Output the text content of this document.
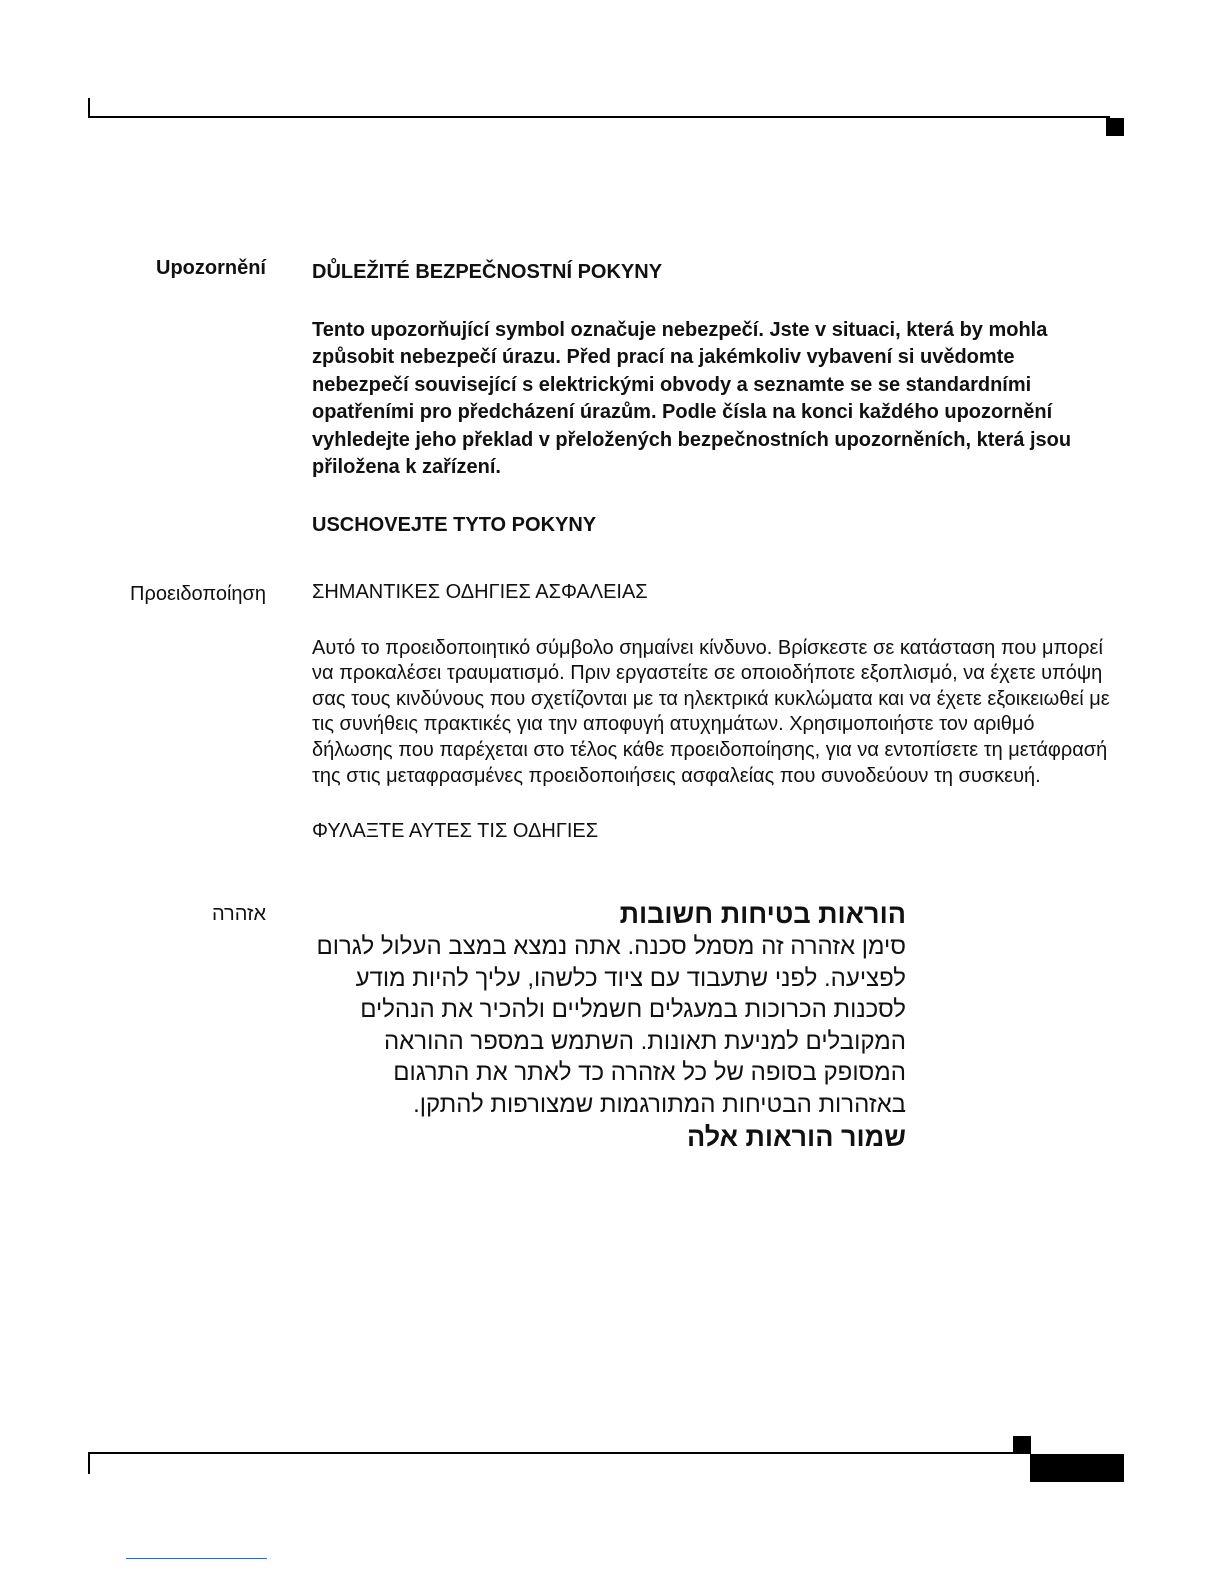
Upozornění DŮLEŽITÉ BEZPEČNOSTNÍ POKYNY

Tento upozorňující symbol označuje nebezpečí. Jste v situaci, která by mohla způsobit nebezpečí úrazu. Před prací na jakémkoliv vybavení si uvědomte nebezpečí související s elektrickými obvody a seznamte se se standardními opatřeními pro předcházení úrazům. Podle čísla na konci každého upozornění vyhledejte jeho překlad v přeložených bezpečnostních upozorněních, která jsou přiložena k zařízení.

USCHOVEJTE TYTO POKYNY

Προειδοποίηση ΣΗΜΑΝΤΙΚΕΣ ΟΔΗΓΙΕΣ ΑΣΦΑΛΕΙΑΣ

Αυτό το προειδοποιητικό σύμβολο σημαίνει κίνδυνο. Βρίσκεστε σε κατάσταση που μπορεί να προκαλέσει τραυματισμό. Πριν εργαστείτε σε οποιοδήποτε εξοπλισμό, να έχετε υπόψη σας τους κινδύνους που σχετίζονται με τα ηλεκτρικά κυκλώματα και να έχετε εξοικειωθεί με τις συνήθεις πρακτικές για την αποφυγή ατυχημάτων. Χρησιμοποιήστε τον αριθμό δήλωσης που παρέχεται στο τέλος κάθε προειδοποίησης, για να εντοπίσετε τη μετάφρασή της στις μεταφρασμένες προειδοποιήσεις ασφαλείας που συνοδεύουν τη συσκευή.

ΦΥΛΑΞΤΕ ΑΥΤΕΣ ΤΙΣ ΟΔΗΓΙΕΣ

אזהרה	הוראות בטיחות חשובות

סימן אזהרה זה מסמל סכנה. אתה נמצא במצב העלול לגרום לפציעה. לפני שתעבוד עם ציוד כלשהו, עליך להיות מודע לסכנות הכרוכות במעגלים חשמליים ולהכיר את הנהלים המקובלים למניעת תאונות. השתמש במספר ההוראה המסופק בסופה של כל אזהרה כד לאתר את התרגום באזהרות הבטיחות המתורגמות שמצורפות להתקן.

שמור הוראות אלה
